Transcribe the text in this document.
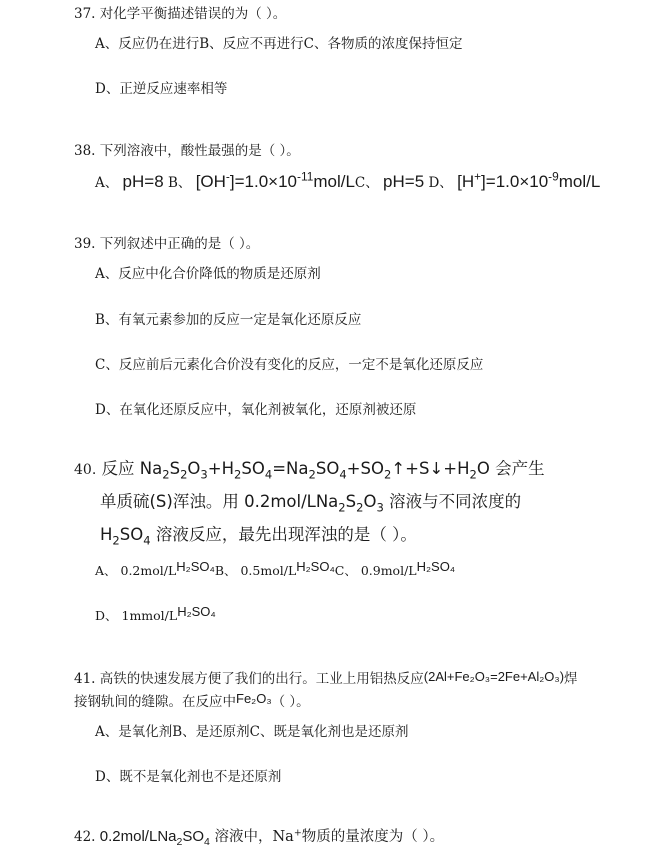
37. 对化学平衡描述错误的为（ ）。
A、反应仍在进行B、反应不再进行C、各物质的浓度保持恒定
D、正逆反应速率相等
38. 下列溶液中，酸性最强的是（ ）。
A、 pH=8 B、 $[OH^-]=1.0\times 10^{-11}mol/LC$、 pH=5 D、 $[H^+]=1.0\times 10^{-9}mol/L$
39. 下列叙述中正确的是（ ）。
A、反应中化合价降低的物质是还原剂
B、有氧元素参加的反应一定是氧化还原反应
C、反应前后元素化合价没有变化的反应，一定不是氧化还原反应
D、在氧化还原反应中，氧化剂被氧化，还原剂被还原
40. 反应 $Na_2S_2O_3+H_2SO_4=Na_2SO_4+SO_2↑+S↓+H_2O$ 会产生
单质硫(S)浑浊。用 $0.2mol/LNa_2S_2O_3$ 溶液与不同浓度的
$H_2SO_4$ 溶液反应，最先出现浑浊的是（ ）。
A、 0.2mol/LH₂SO₄B、 0.5mol/LH₂SO₄C、 0.9mol/LH₂SO₄
D、 1mmol/LH₂SO₄
41. 高铁的快速发展方便了我们的出行。工业上用铝热反应(2Al+Fe₂O₃=2Fe+Al₂O₃)焊
接钢轨间的缝隙。在反应中Fe₂O₃（ ）。
A、是氧化剂B、是还原剂C、既是氧化剂也是还原剂
D、既不是氧化剂也不是还原剂
42. $0.2mol/LNa_2SO_4$ 溶液中，Na+物质的量浓度为（ ）。
